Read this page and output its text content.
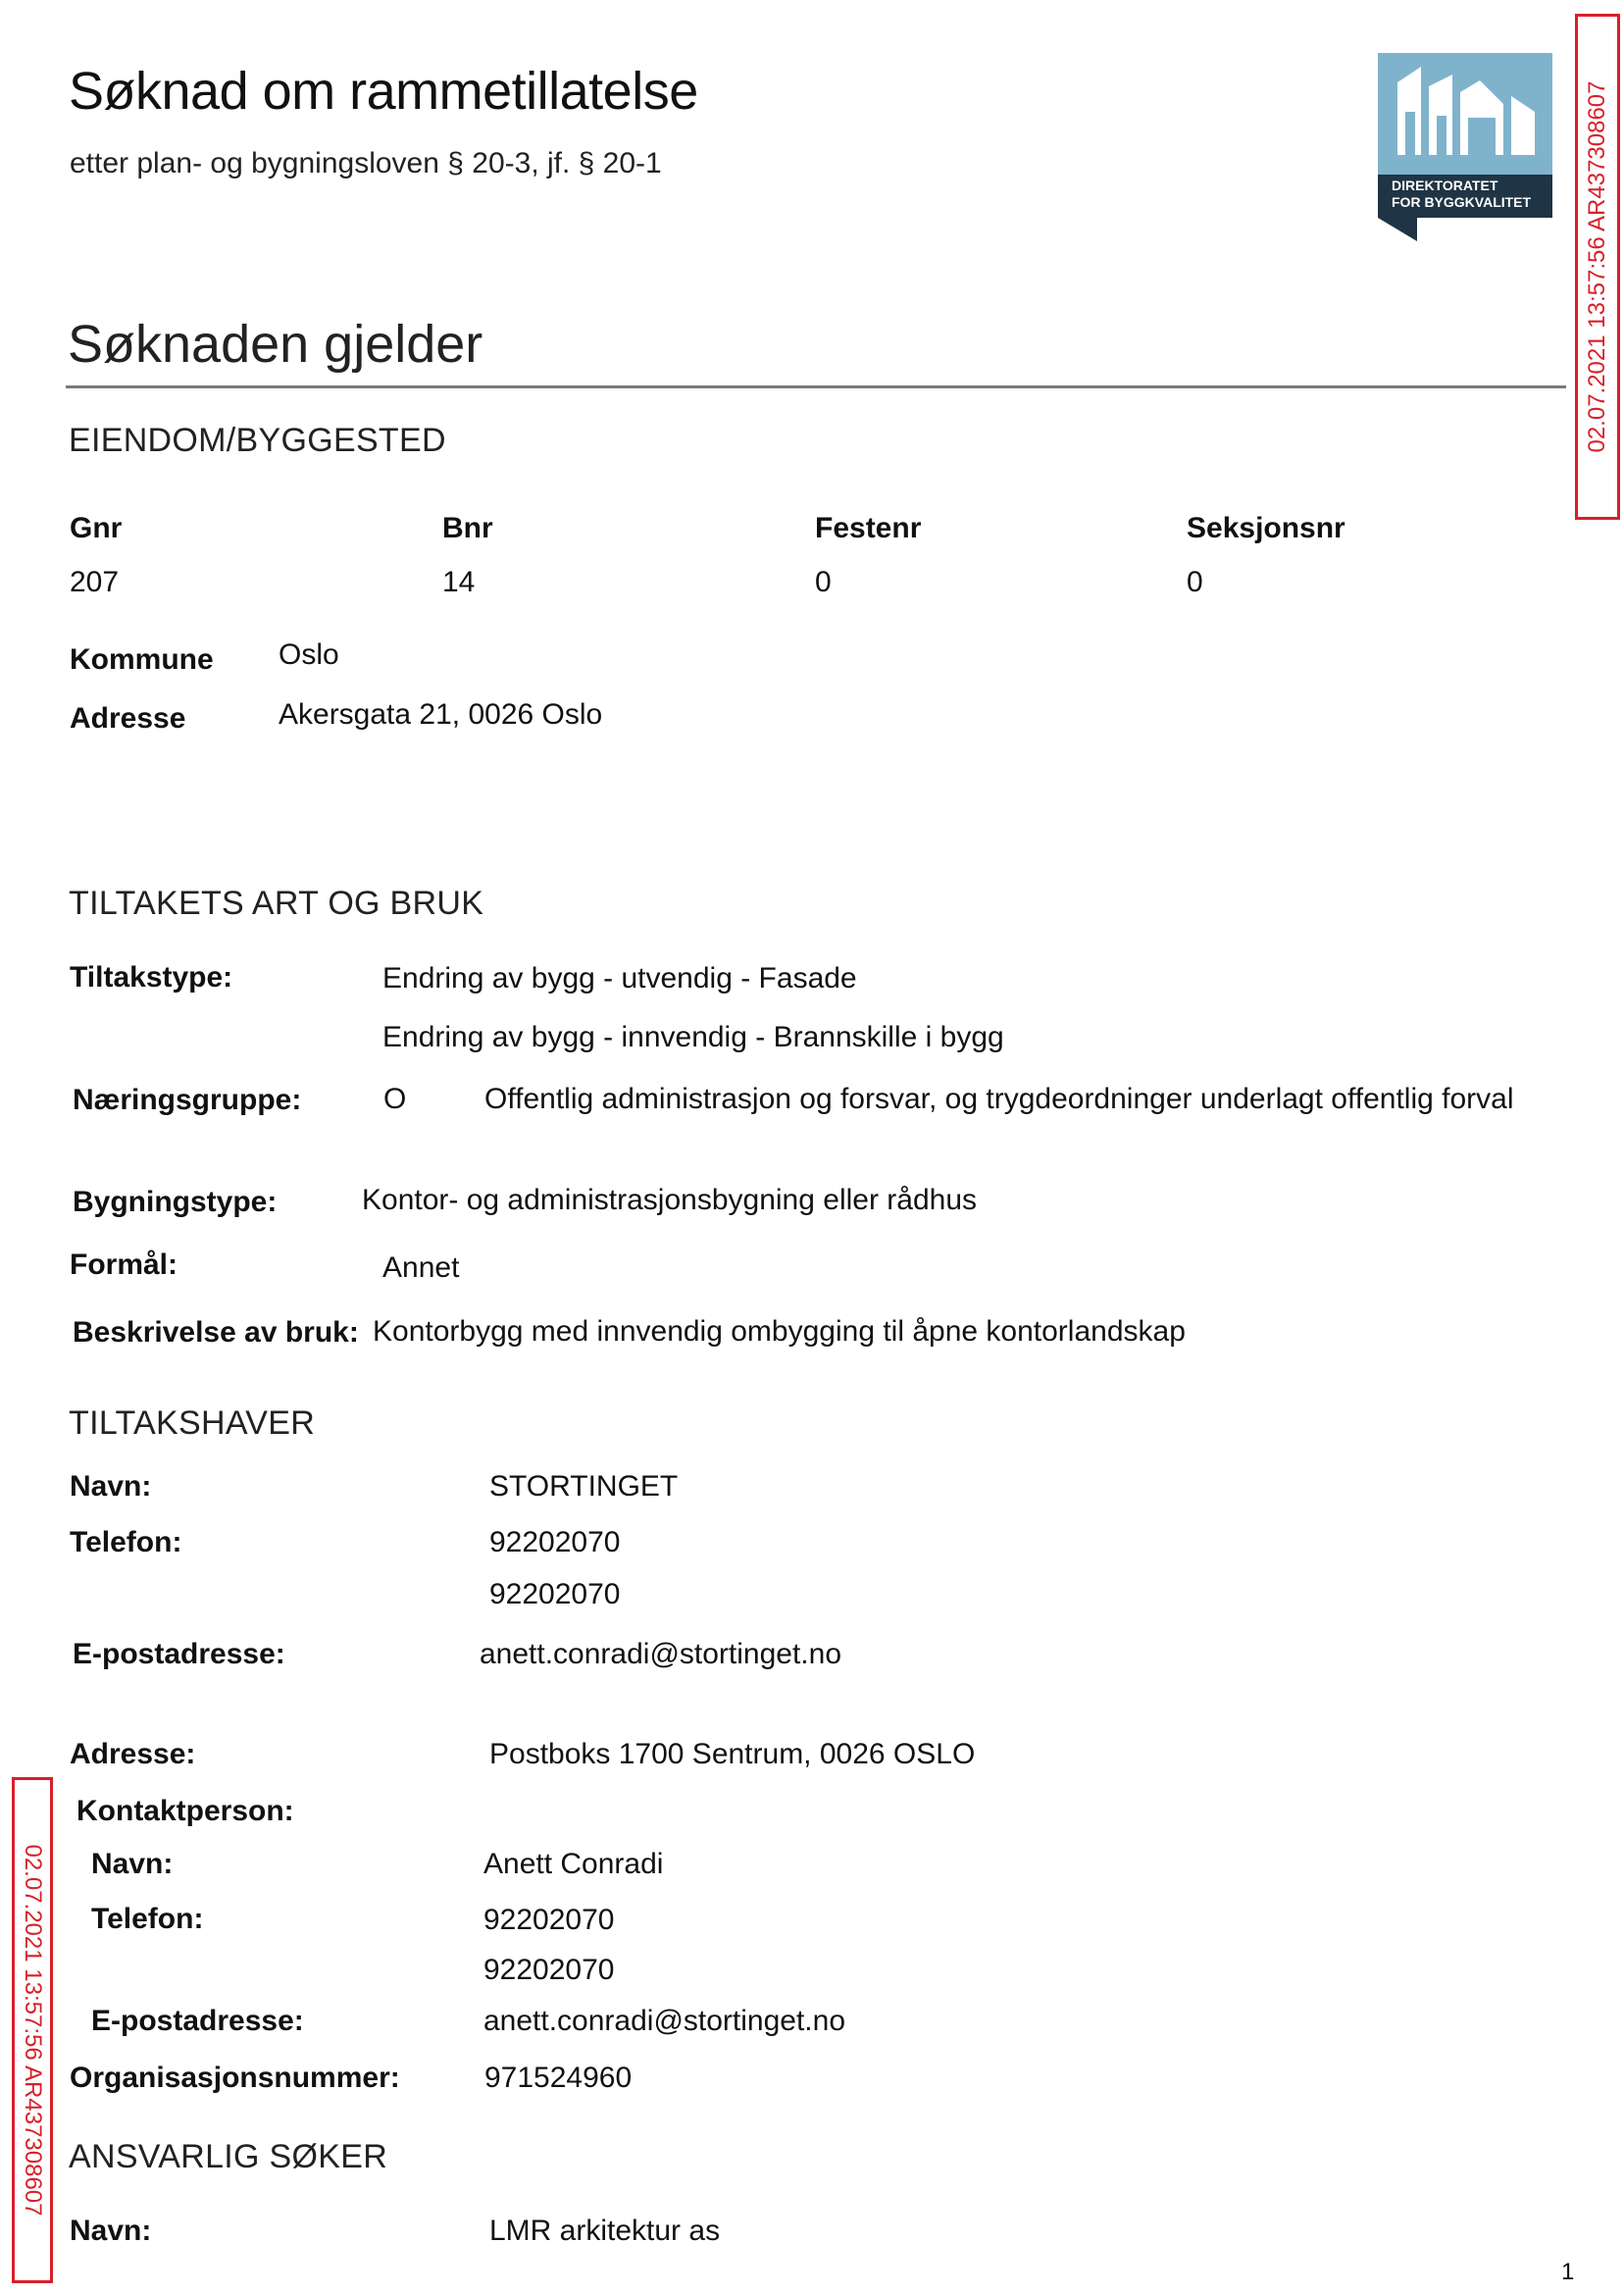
Søknad om rammetillatelse
etter plan- og bygningsloven § 20-3, jf. § 20-1
DIREKTORATET
FOR BYGGKVALITET 02.07.2021 13:57:56 AR437308607
02.07.2021 13:57:56 AR437308607
Søknaden gjelder
EIENDOM/BYGGESTED
Gnr	Bnr	Festenr	Seksjonsnr
207	14	0	0
Kommune Oslo
Adresse	Akersgata 21, 0026 Oslo
TILTAKETS ART OG BRUK
Tiltakstype:	Endring av bygg - utvendig - Fasade
Endring av bygg - innvendig - Brannskille i bygg
Næringsgruppe:	O	Offentlig administrasjon og forsvar, og trygdeordninger underlagt offentlig forval
Bygningstype:	Kontor- og administrasjonsbygning eller rådhus
Formål:	Annet
Beskrivelse av bruk: Kontorbygg med innvendig ombygging til åpne kontorlandskap
TILTAKSHAVER
Navn:	STORTINGET
Telefon:	92202070
92202070
E-postadresse:	anett.conradi@stortinget.no
Adresse:	Postboks 1700 Sentrum, 0026 OSLO
Kontaktperson:
Navn:	Anett Conradi
Telefon:	92202070
92202070
E-postadresse:	anett.conradi@stortinget.no
Organisasjonsnummer:	971524960
ANSVARLIG SØKER
Navn:	LMR arkitektur as
1
